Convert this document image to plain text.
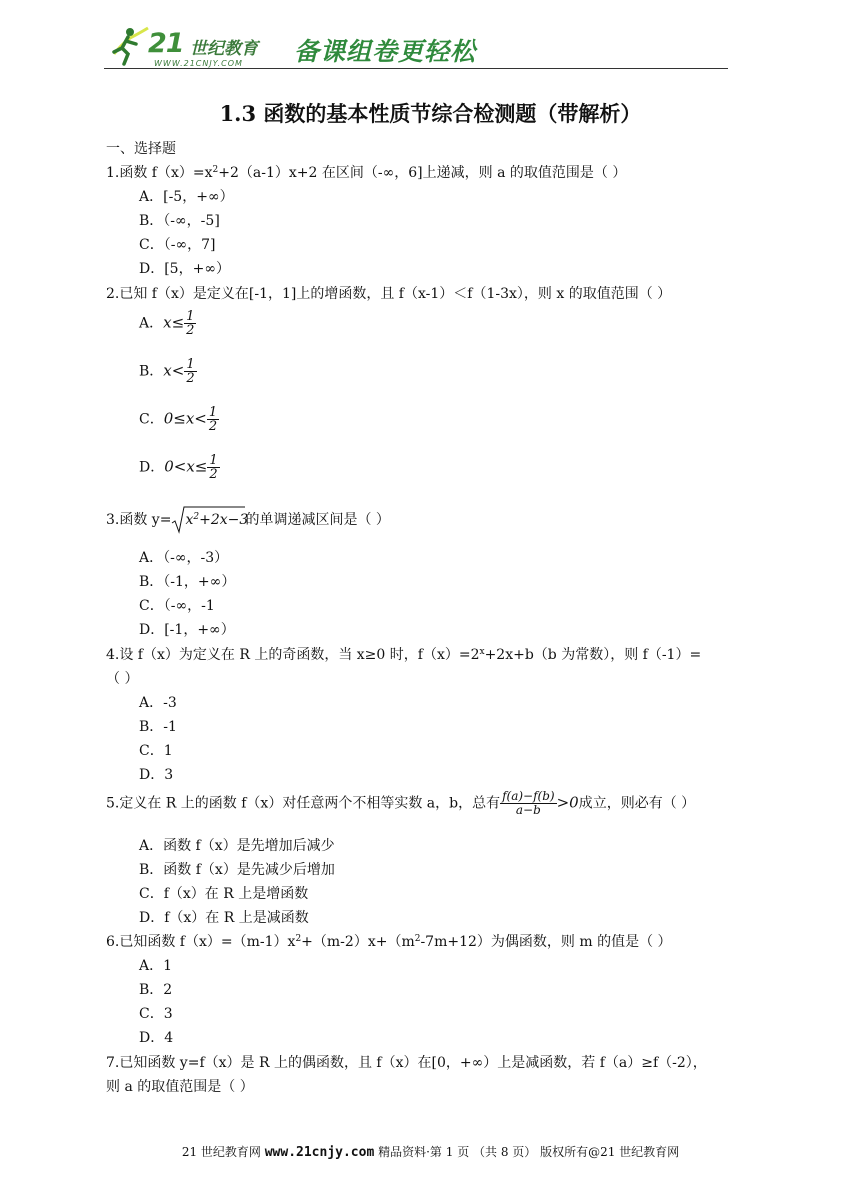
21 世纪教育
WWW.21CNJY.COM 备课组卷更轻松
1.3 函数的基本性质节综合检测题（带解析）
一、选择题
1.函数 $f(x)=x^2+2(a-1)x+2$ 在区间（-∞，6]上递减，则 a 的取值范围是（ ）
A．[-5，+∞）
B．（-∞，-5]
C．（-∞，7]
D．[5，+∞）
2.已知 f（x）是定义在[-1，1]上的增函数，且 f（x-1）＜f（1-3x），则 x 的取值范围（ ）
A．$x\le \frac{1}{2}$
B．$x< \frac{1}{2}$
C．$0\le x< \frac{1}{2}$
D．$0<x\le \frac{1}{2}$
3.函数 $y= x^2+2x-3$
的单调递减区间是（ ）
A．（-∞，-3）
B．（-1，+∞）
C．（-∞，-1
D．[-1，+∞）
4.设 f（x）为定义在 R 上的奇函数，当 x≥0 时，$f(x)=2^x+2x+b(b$ 为常数），则 f（-1）=
（ ）
A．-3
B．-1
C．1
D．3
5.定义在 R 上的函数 f（x）对任意两个不相等实数 a，b，总有 $\frac{f(a)-f(b)}{a-b} >0$成立，则必有（ ）
A．函数 f（x）是先增加后减少
B．函数 f（x）是先减少后增加
C．f（x）在 R 上是增函数
D．f（x）在 R 上是减函数
6.已知函数 $f(x)=(m-1)x^2+(m-2)x+(m^2-7m+12)$为偶函数，则 m 的值是（ ）
A．1
B．2
C．3
D．4
7.已知函数 y=f（x）是 R 上的偶函数，且 f（x）在[0，+∞）上是减函数，若 f（a）≥f（-2），
则 a 的取值范围是（ ）
21 世纪教育网 www.21cnjy.com 精品资料·第 1 页 （共 8 页） 版权所有@21 世纪教育网
